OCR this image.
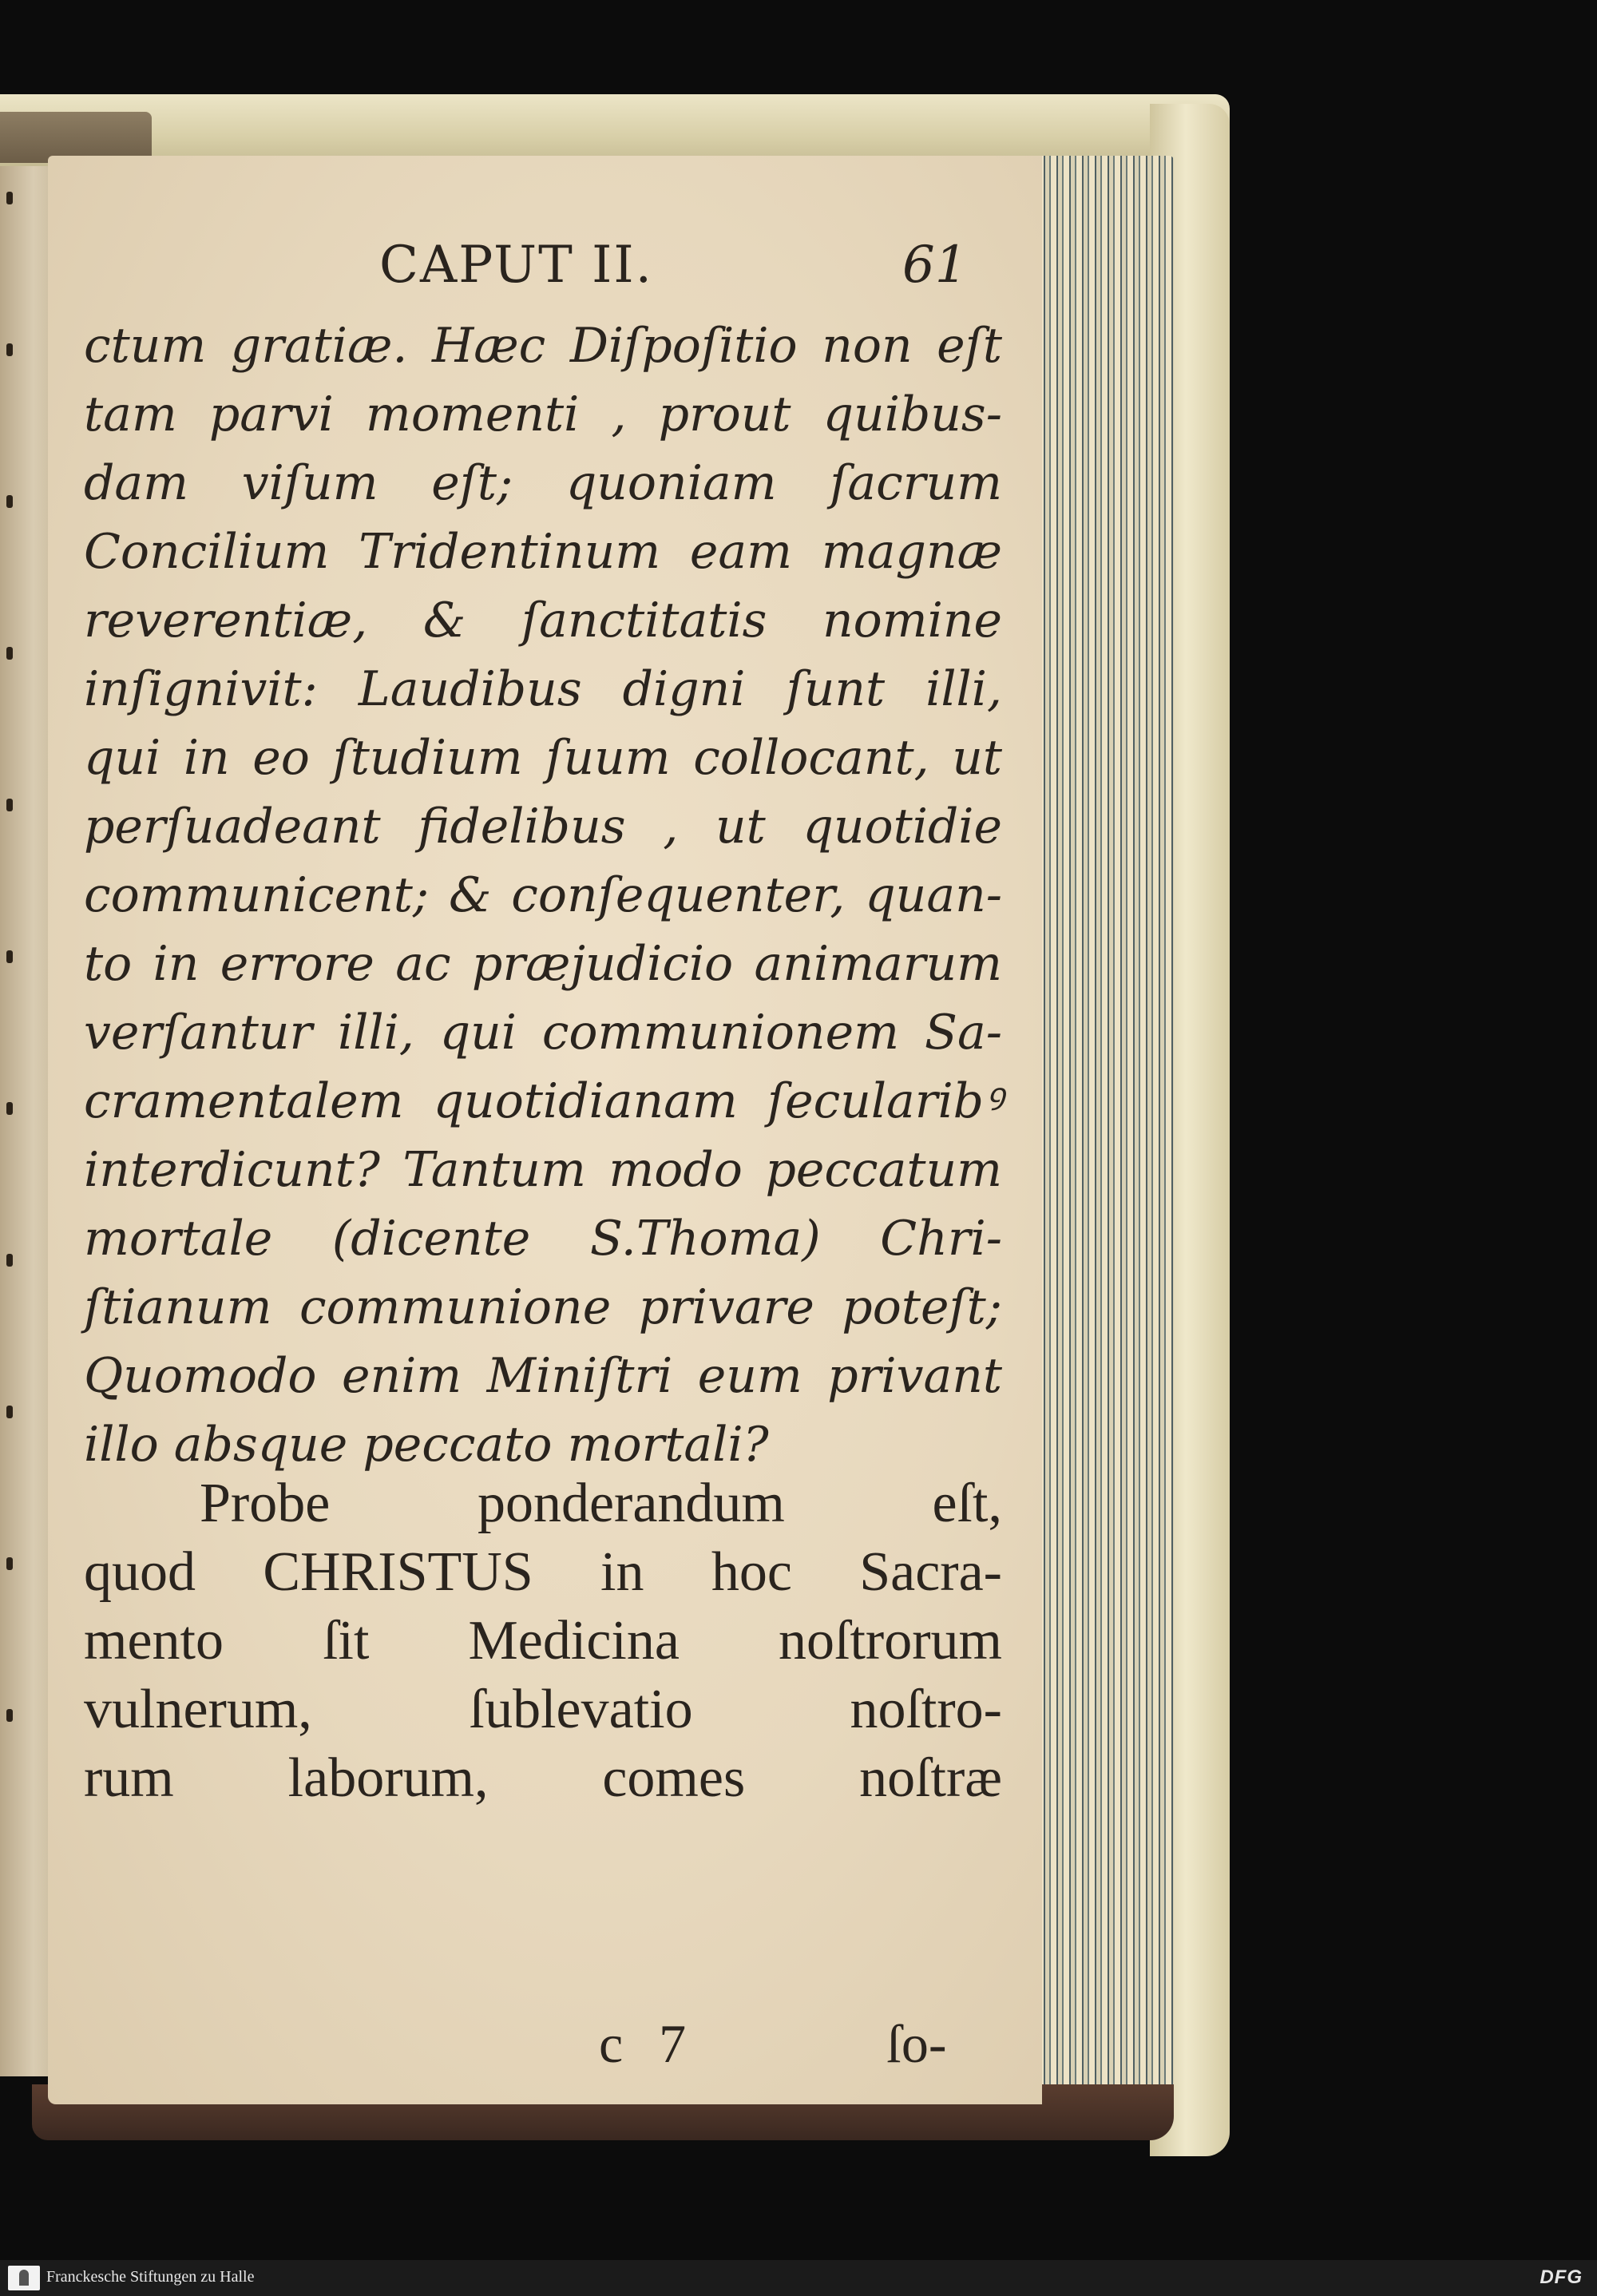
CAPUT II.	61
ctum gratiæ. Hæc Diſpoſitio non eſt
tam parvi momenti , prout quibus-
dam viſum eſt; quoniam ſacrum
Concilium Tridentinum eam magnæ
reverentiæ, & ſanctitatis nomine
inſignivit: Laudibus digni ſunt illi,
qui in eo ſtudium ſuum collocant, ut
perſuadeant fidelibus , ut quotidie
communicent; & conſequenter, quan-
to in errore ac præjudicio animarum
verſantur illi, qui communionem Sa-
cramentalem quotidianam ſecularibꝰ
interdicunt? Tantum modo peccatum
mortale (dicente S.Thoma) Chri-
ſtianum communione privare poteſt;
Quomodo enim Miniſtri eum privant
illo absque peccato mortali?
Probe ponderandum eſt,
quod CHRISTUS in hoc Sacra-
mento ſit Medicina noſtrorum
vulnerum, ſublevatio noſtro-
rum laborum, comes noſtræ
c 7	ſo-
Franckesche Stiftungen zu Halle	DFG
